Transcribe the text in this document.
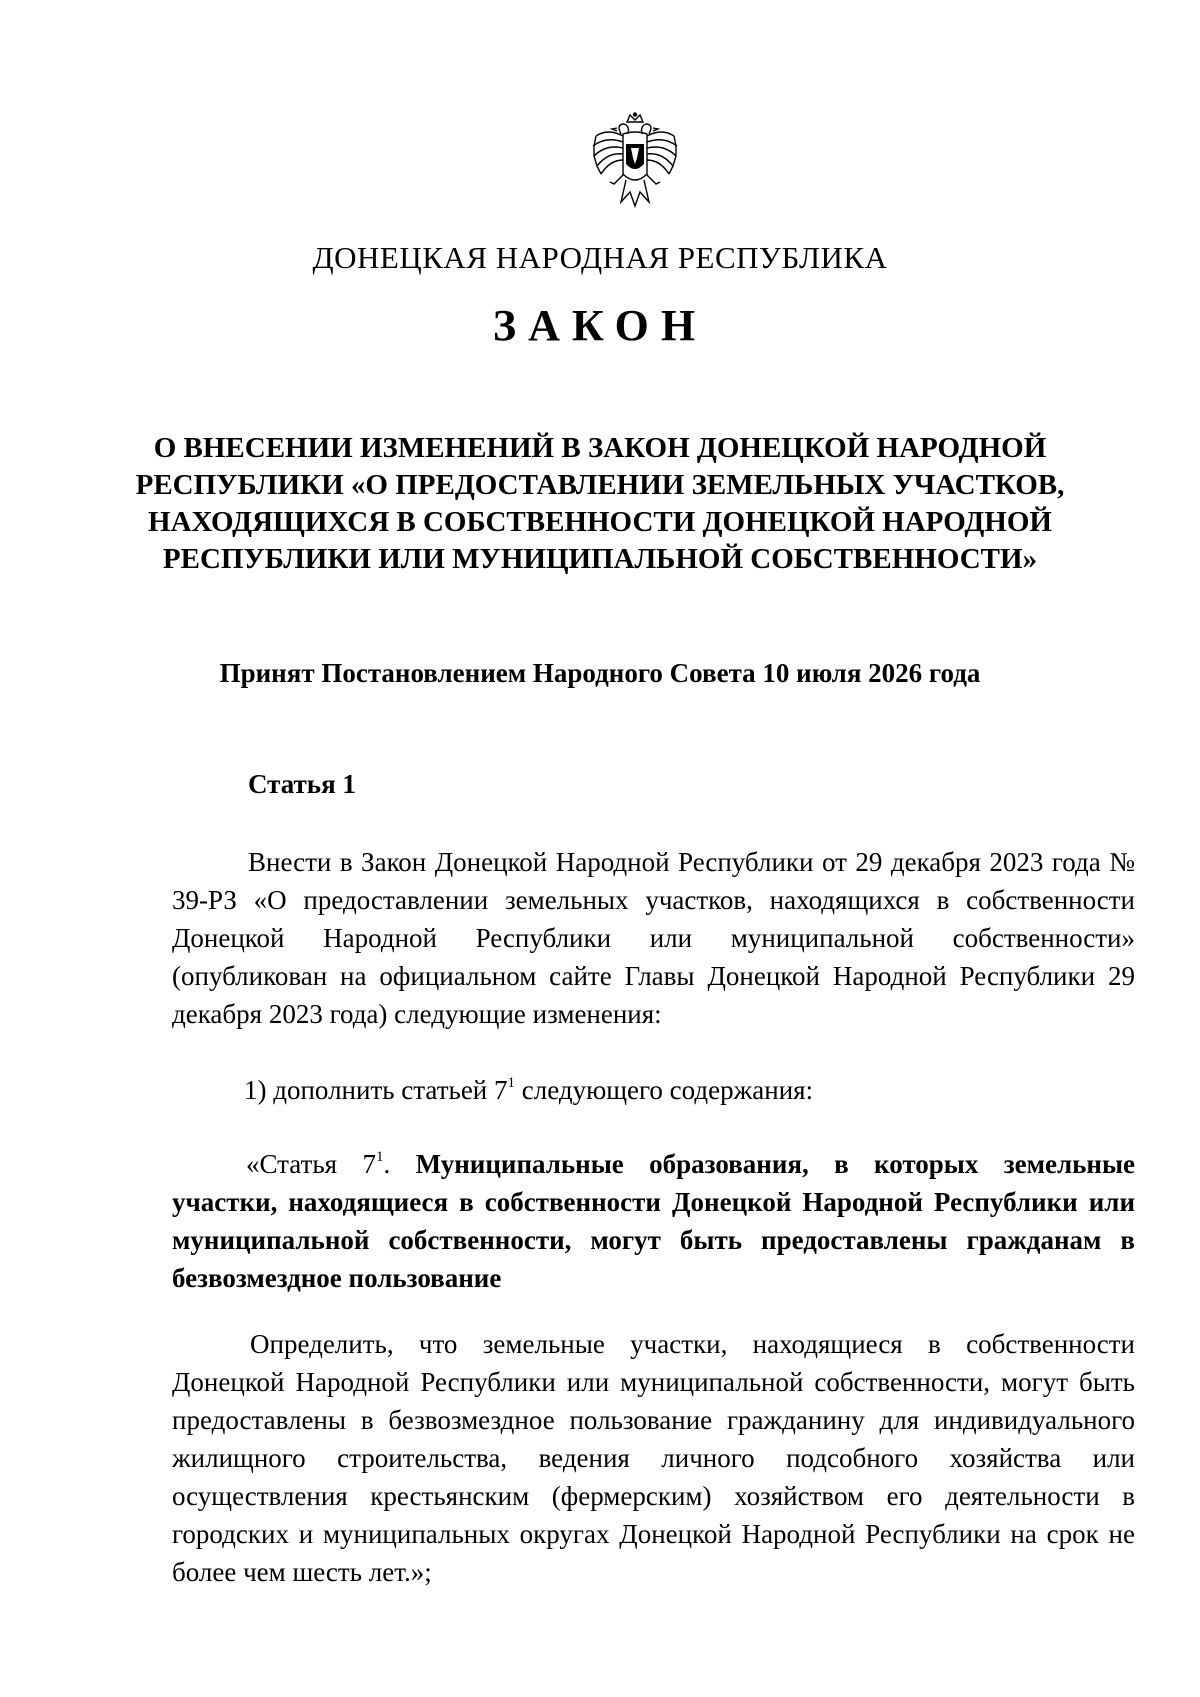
ДОНЕЦКАЯ НАРОДНАЯ РЕСПУБЛИКА
ЗАКОН
О ВНЕСЕНИИ ИЗМЕНЕНИЙ В ЗАКОН ДОНЕЦКОЙ НАРОДНОЙ
РЕСПУБЛИКИ «О ПРЕДОСТАВЛЕНИИ ЗЕМЕЛЬНЫХ УЧАСТКОВ,
НАХОДЯЩИХСЯ В СОБСТВЕННОСТИ ДОНЕЦКОЙ НАРОДНОЙ
РЕСПУБЛИКИ ИЛИ МУНИЦИПАЛЬНОЙ СОБСТВЕННОСТИ»
Принят Постановлением Народного Совета 10 июля 2026 года
Статья 1
Внести в Закон Донецкой Народной Республики от 29 декабря 2023 года № 39-РЗ «О предоставлении земельных участков, находящихся в собственности Донецкой Народной Республики или муниципальной собственности» (опубликован на официальном сайте Главы Донецкой Народной Республики 29 декабря 2023 года) следующие изменения:
1) дополнить статьей $7^1$ следующего содержания:
«Статья $7^1$. Муниципальные образования, в которых земельные участки, находящиеся в собственности Донецкой Народной Республики или муниципальной собственности, могут быть предоставлены гражданам в безвозмездное пользование
Определить, что земельные участки, находящиеся в собственности Донецкой Народной Республики или муниципальной собственности, могут быть предоставлены в безвозмездное пользование гражданину для индивидуального жилищного строительства, ведения личного подсобного хозяйства или осуществления крестьянским (фермерским) хозяйством его деятельности в городских и муниципальных округах Донецкой Народной Республики на срок не более чем шесть лет.»;
